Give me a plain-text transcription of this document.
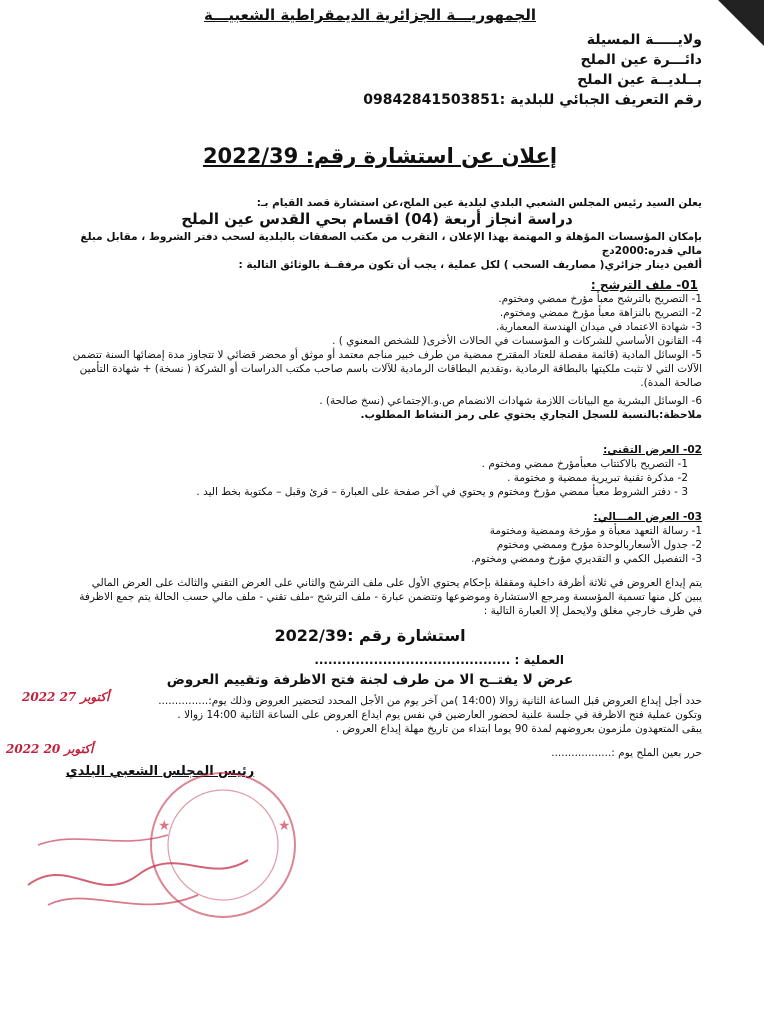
الجمهوريـــة الجزائرية الديمقراطية الشعبيـــة
ولايـــــة المسيلة
دائـــرة عين الملح
بــلديــة عين الملح
رقم التعريف الجبائي للبلدية :09842841503851
إعلان عن استشارة رقم: 2022/39
يعلن السيد رئيس المجلس الشعبي البلدي لبلدية عين الملح،عن استشارة قصد القيام بـ:
دراسة انجاز أربعة (04) اقسام بحي القدس عين الملح
بإمكان المؤسسات المؤهلة و المهتمة بهذا الإعلان ، التقرب من مكتب الصفقات بالبلدية لسحب دفتر الشروط ، مقابل مبلغ مالي قدره:2000دج
ألفين دينار جزائري( مصاريف السحب ) لكل عملية ، يجب أن تكون مرفقــة بالوثائق التالية :
01- ملف الترشح :
1- التصريح بالترشح معبأ مؤرخ ممضي ومختوم.
2- التصريح بالنزاهة معبأ مؤرخ ممضي ومختوم.
3- شهادة الاعتماد في ميدان الهندسة المعمارية.
4- القانون الأساسي للشركات و المؤسسات في الحالات الأخرى( للشخص المعنوي ) .
5- الوسائل المادية (قائمة مفصلة للعتاد المقترح ممضية من طرف خبير مناجم معتمد أو موثق أو محضر قضائي لا تتجاوز مدة إمضائها السنة تتضمن
الآلات التي لا تثبت ملكيتها بالبطاقة الرمادية ،وتقديم البطاقات الرمادية للآلات باسم صاحب مكتب الدراسات أو الشركة ( نسخة) + شهادة التأمين
صالحة المدة).
6- الوسائل البشرية مع البيانات اللازمة شهادات الانضمام ص.و.الإجتماعي (نسخ صالحة) .
ملاحظة:بالنسبة للسجل التجاري يحتوي على رمز النشاط المطلوب.
02- العرض التقني:
1- التصريح بالاكتتاب معبأمؤرخ ممضي ومختوم .
2- مذكرة تقنية تبريرية ممضية و مختومة .
3 - دفتر الشروط معبأ ممضي مؤرخ ومختوم و يحتوي في آخر صفحة على العبارة – قرئ وقبل – مكتوبة بخط اليد .
03- العرض المـــالي:
1- رسالة التعهد معبأة و مؤرخة وممضية ومختومة
2- جدول الأسعاربالوحدة مؤرخ وممضي ومختوم
3- التفصيل الكمي و التقديري مؤرخ وممضي ومختوم.
يتم إيداع العروض في ثلاثة أظرفة داخلية ومقفلة بإحكام يحتوي الأول على ملف الترشح والثاني على العرض التقني والثالث على العرض المالي
يبين كل منها تسمية المؤسسة ومرجع الاستشارة وموضوعها وتتضمن عبارة - ملف الترشح -ملف تقني - ملف مالي حسب الحالة يتم جمع الاظرفة
في ظرف خارجي مغلق ولايحمل إلا العبارة التالية :
استشارة رقم :2022/39
العملية : ...........................................
عرض لا يفتــح الا من طرف لجنة فتح الاظرفة وتقييم العروض
حدد أجل إيداع العروض قبل الساعة الثانية زوالا (14:00 )من آخر يوم من الأجل المحدد لتحضير العروض وذلك يوم:...............
وتكون عملية فتح الاظرفة في جلسة علنية لحضور العارضين في نفس يوم ايداع العروض على الساعة الثانية 14:00 زوالا .
يبقى المتعهدون ملزمون بعروضهم لمدة 90 يوما ابتداء من تاريخ مهلة إيداع العروض .
2022 أكتوبر 27
حرر بعين الملح يوم :..................
2022 أكتوبر 20
رئيس المجلس الشعبي البلدي
★
★
